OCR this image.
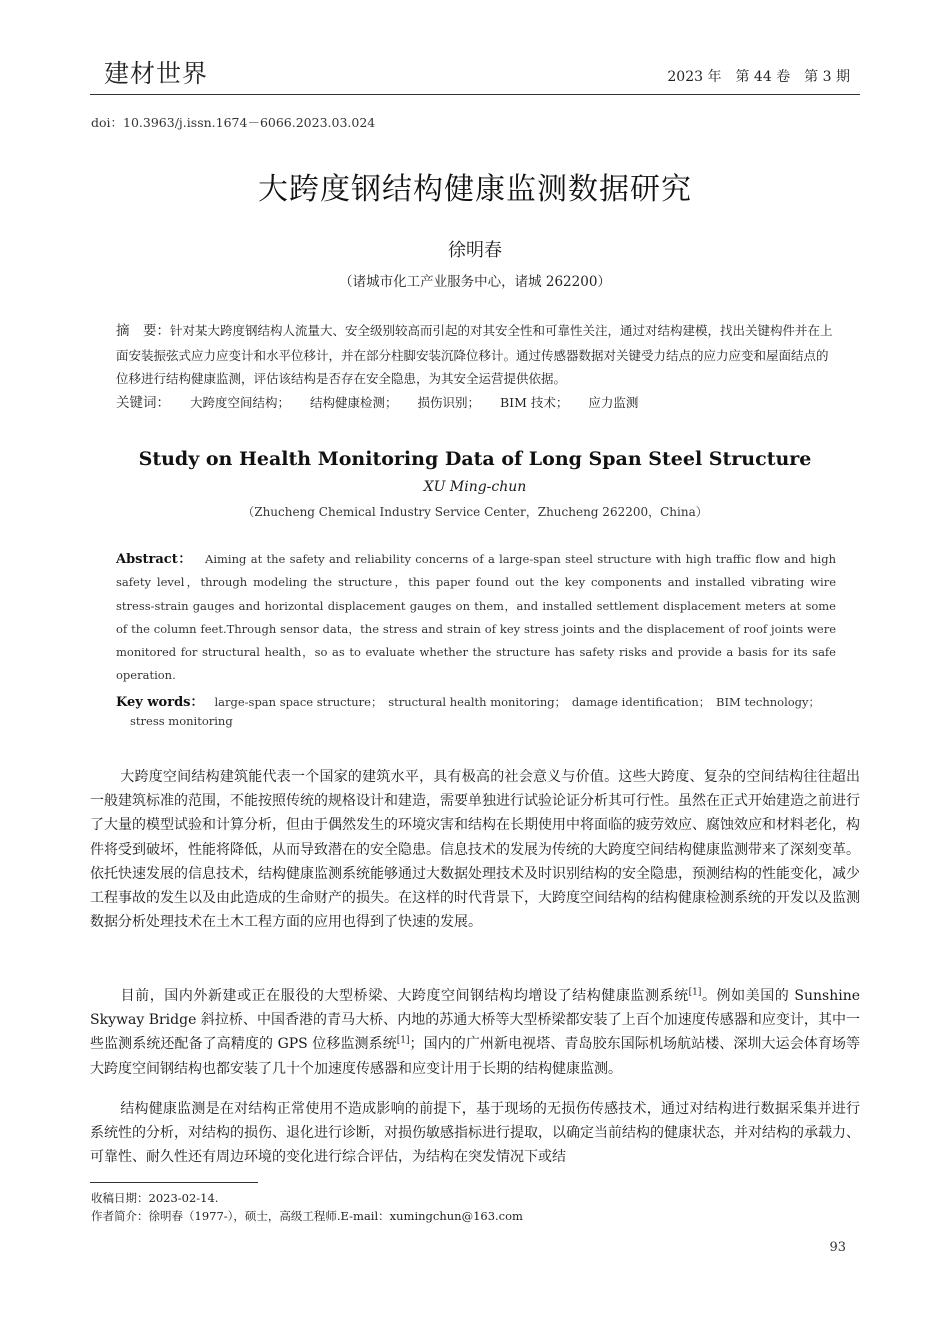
建材世界	2023 年　第 44 卷　第 3 期
doi：10.3963/j.issn.1674－6066.2023.03.024
大跨度钢结构健康监测数据研究
徐明春
（诸城市化工产业服务中心，诸城 262200）
摘　要：针对某大跨度钢结构人流量大、安全级别较高而引起的对其安全性和可靠性关注，通过对结构建模，找出关键构件并在上面安装振弦式应力应变计和水平位移计，并在部分柱脚安装沉降位移计。通过传感器数据对关键受力结点的应力应变和屋面结点的位移进行结构健康监测，评估该结构是否存在安全隐患，为其安全运营提供依据。
关键词： 大跨度空间结构； 结构健康检测； 损伤识别； BIM 技术； 应力监测
Study on Health Monitoring Data of Long Span Steel Structure
XU Ming-chun
（Zhucheng Chemical Industry Service Center，Zhucheng 262200，China）
Abstract： Aiming at the safety and reliability concerns of a large-span steel structure with high traffic flow and high safety level，through modeling the structure，this paper found out the key components and installed vibrating wire stress-strain gauges and horizontal displacement gauges on them，and installed settlement displacement meters at some of the column feet.Through sensor data，the stress and strain of key stress joints and the displacement of roof joints were monitored for structural health，so as to evaluate whether the structure has safety risks and provide a basis for its safe operation.
Key words： large-span space structure；　structural health monitoring；　damage identification；　BIM technology；
stress monitoring
大跨度空间结构建筑能代表一个国家的建筑水平，具有极高的社会意义与价值。这些大跨度、复杂的空间结构往往超出一般建筑标准的范围，不能按照传统的规格设计和建造，需要单独进行试验论证分析其可行性。虽然在正式开始建造之前进行了大量的模型试验和计算分析，但由于偶然发生的环境灾害和结构在长期使用中将面临的疲劳效应、腐蚀效应和材料老化，构件将受到破坏，性能将降低，从而导致潜在的安全隐患。信息技术的发展为传统的大跨度空间结构健康监测带来了深刻变革。依托快速发展的信息技术，结构健康监测系统能够通过大数据处理技术及时识别结构的安全隐患，预测结构的性能变化，减少工程事故的发生以及由此造成的生命财产的损失。在这样的时代背景下，大跨度空间结构的结构健康检测系统的开发以及监测数据分析处理技术在土木工程方面的应用也得到了快速的发展。
目前，国内外新建或正在服役的大型桥梁、大跨度空间钢结构均增设了结构健康监测系统[1]。例如美国的 Sunshine Skyway Bridge 斜拉桥、中国香港的青马大桥、内地的苏通大桥等大型桥梁都安装了上百个加速度传感器和应变计，其中一些监测系统还配备了高精度的 GPS 位移监测系统[1]；国内的广州新电视塔、青岛胶东国际机场航站楼、深圳大运会体育场等大跨度空间钢结构也都安装了几十个加速度传感器和应变计用于长期的结构健康监测。
结构健康监测是在对结构正常使用不造成影响的前提下，基于现场的无损伤传感技术，通过对结构进行数据采集并进行系统性的分析，对结构的损伤、退化进行诊断，对损伤敏感指标进行提取，以确定当前结构的健康状态，并对结构的承载力、可靠性、耐久性还有周边环境的变化进行综合评估，为结构在突发情况下或结
收稿日期：2023-02-14.
作者简介：徐明春（1977-），硕士，高级工程师.E-mail：xumingchun@163.com
93
